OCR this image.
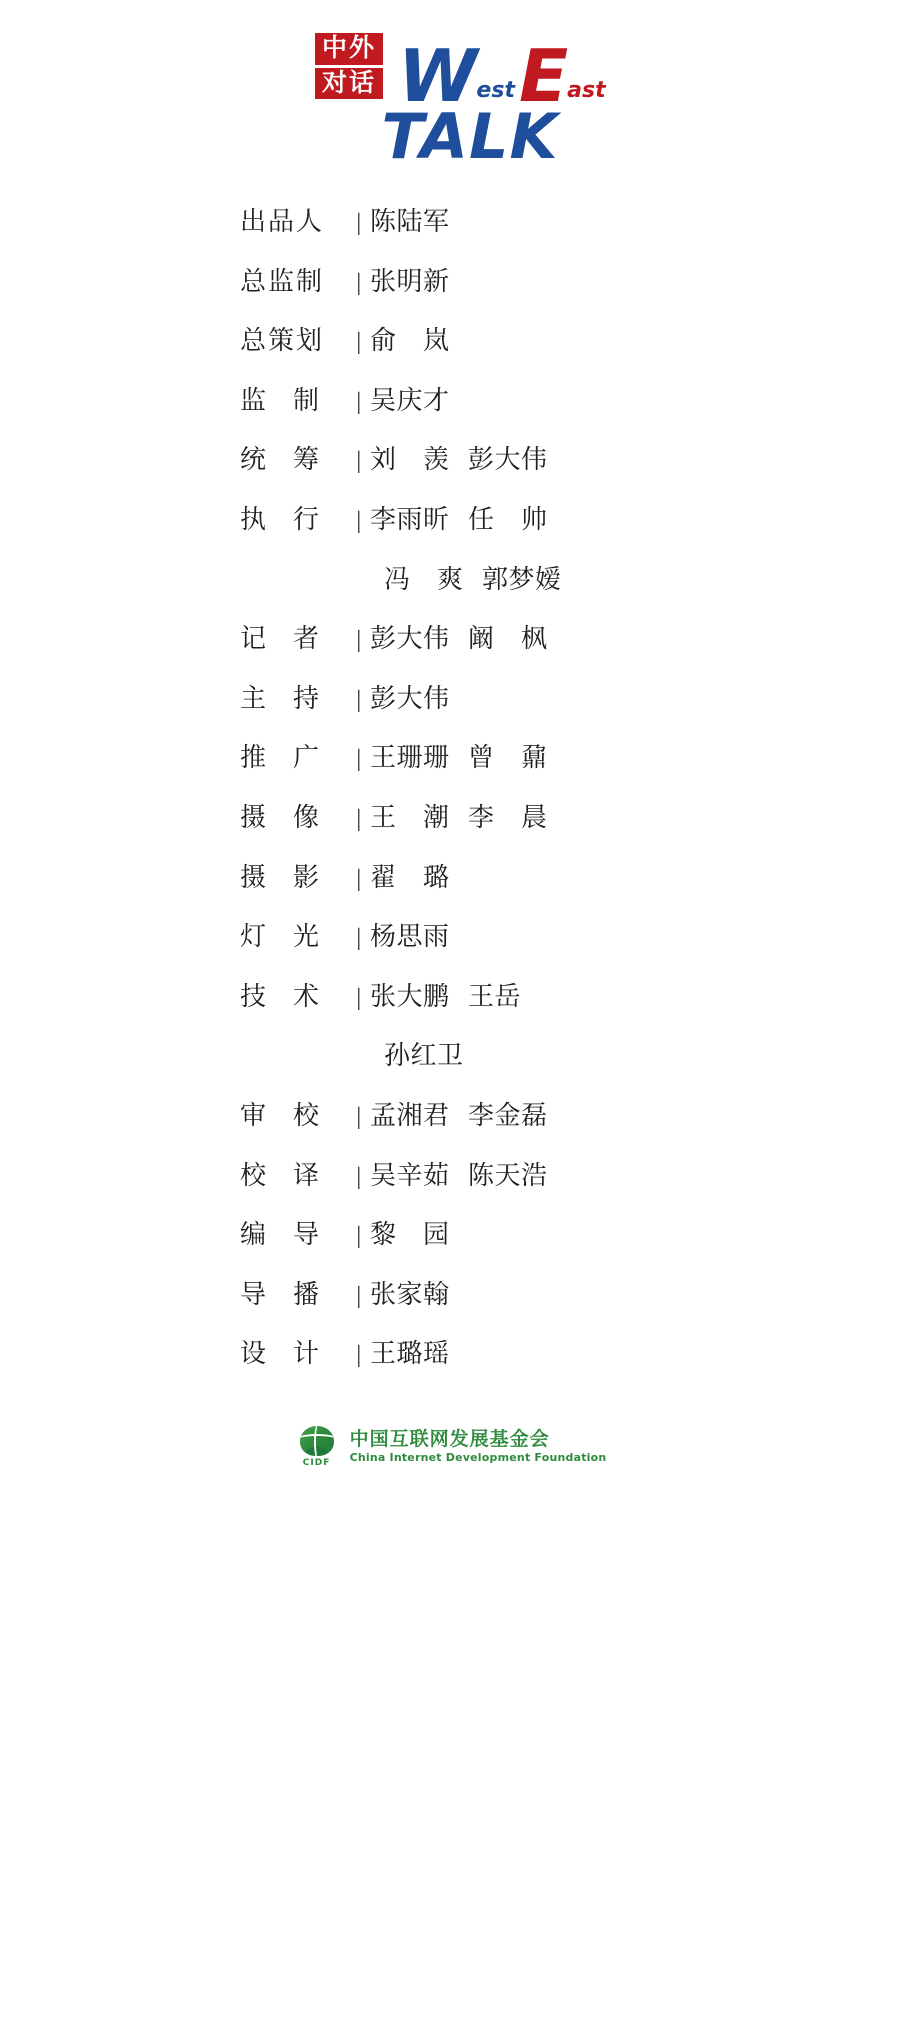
中外
对话 W est E ast
TALK
出品人	| 陈陆军
总监制	| 张明新
总策划	| 俞　岚
监　制	| 吴庆才
统　筹	| 刘　羡 彭大伟
执　行	| 李雨昕 任　帅
冯　爽 郭梦嫒
记　者	| 彭大伟 阚　枫
主　持	| 彭大伟
推　广	| 王珊珊 曾　鼐
摄　像	| 王　潮 李　晨
摄　影	| 翟　璐
灯　光	| 杨思雨
技　术	| 张大鹏 王岳
孙红卫
审　校	| 孟湘君 李金磊
校　译	| 吴辛茹 陈天浩
编　导	| 黎　园
导　播	| 张家翰
设　计	| 王璐瑶
CIDF
中国互联网发展基金会
China Internet Development Foundation
